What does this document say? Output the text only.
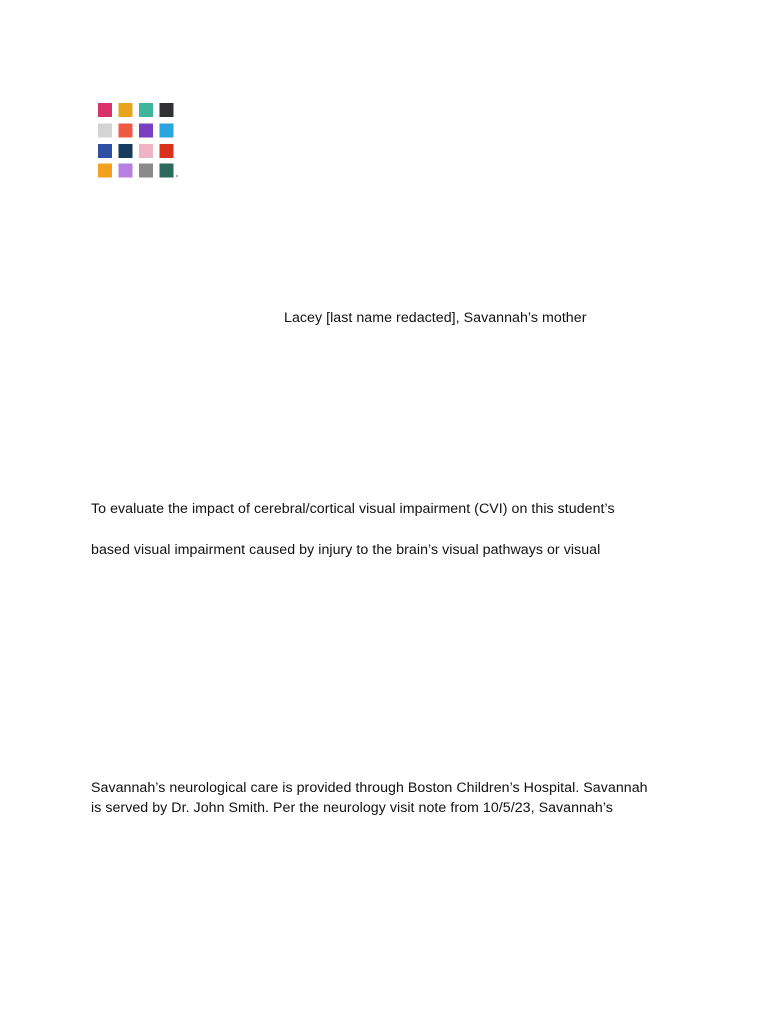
Lacey [last name redacted], Savannah’s mother
To evaluate the impact of cerebral/cortical visual impairment (CVI) on this student’s
based visual impairment caused by injury to the brain’s visual pathways or visual
Savannah’s neurological care is provided through Boston Children’s Hospital. Savannah
is served by Dr. John Smith. Per the neurology visit note from 10/5/23, Savannah’s
